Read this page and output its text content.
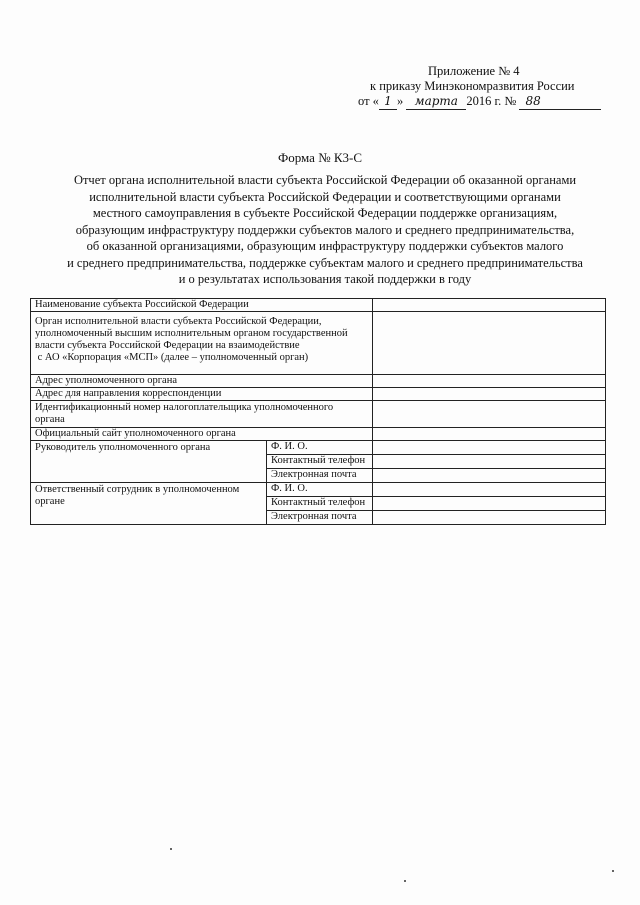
Приложение № 4
к приказу Минэкономразвития России
от « 1 » марта 2016 г. № 88
Форма № К3-С
Отчет органа исполнительной власти субъекта Российской Федерации об оказанной органами
исполнительной власти субъекта Российской Федерации и соответствующими органами
местного самоуправления в субъекте Российской Федерации поддержке организациям,
образующим инфраструктуру поддержки субъектов малого и среднего предпринимательства,
об оказанной организациями, образующим инфраструктуру поддержки субъектов малого
и среднего предпринимательства, поддержке субъектам малого и среднего предпринимательства
и о результатах использования такой поддержки в году
Наименование субъекта Российской Федерации
Орган исполнительной власти субъекта Российской Федерации,
уполномоченный высшим исполнительным органом государственной
власти субъекта Российской Федерации на взаимодействие
с АО «Корпорация «МСП» (далее – уполномоченный орган)
Адрес уполномоченного органа
Адрес для направления корреспонденции
Идентификационный номер налогоплательщика уполномоченного
органа
Официальный сайт уполномоченного органа
Руководитель уполномоченного органа	Ф. И. О.
Контактный телефон
Электронная почта
Ответственный сотрудник в уполномоченном
органе
Ф. И. О.
Контактный телефон
Электронная почта
